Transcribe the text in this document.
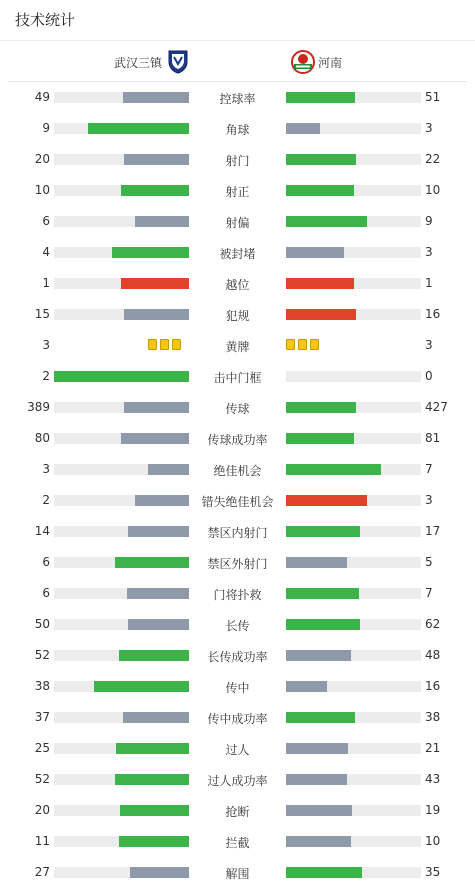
技术统计
武汉三镇	河南
49	控球率	51
9	角球	3
20	射门	22
10	射正	10
6	射偏	9
4	被封堵	3
1	越位	1
15	犯规	16
3	黄牌	3
2	击中门框	0
389	传球	427
80	传球成功率	81
3	绝佳机会	7
2	错失绝佳机会	3
14	禁区内射门	17
6	禁区外射门	5
6	门将扑救	7
50	长传	62
52	长传成功率	48
38	传中	16
37	传中成功率	38
25	过人	21
52	过人成功率	43
20	抢断	19
11	拦截	10
27	解围	35
